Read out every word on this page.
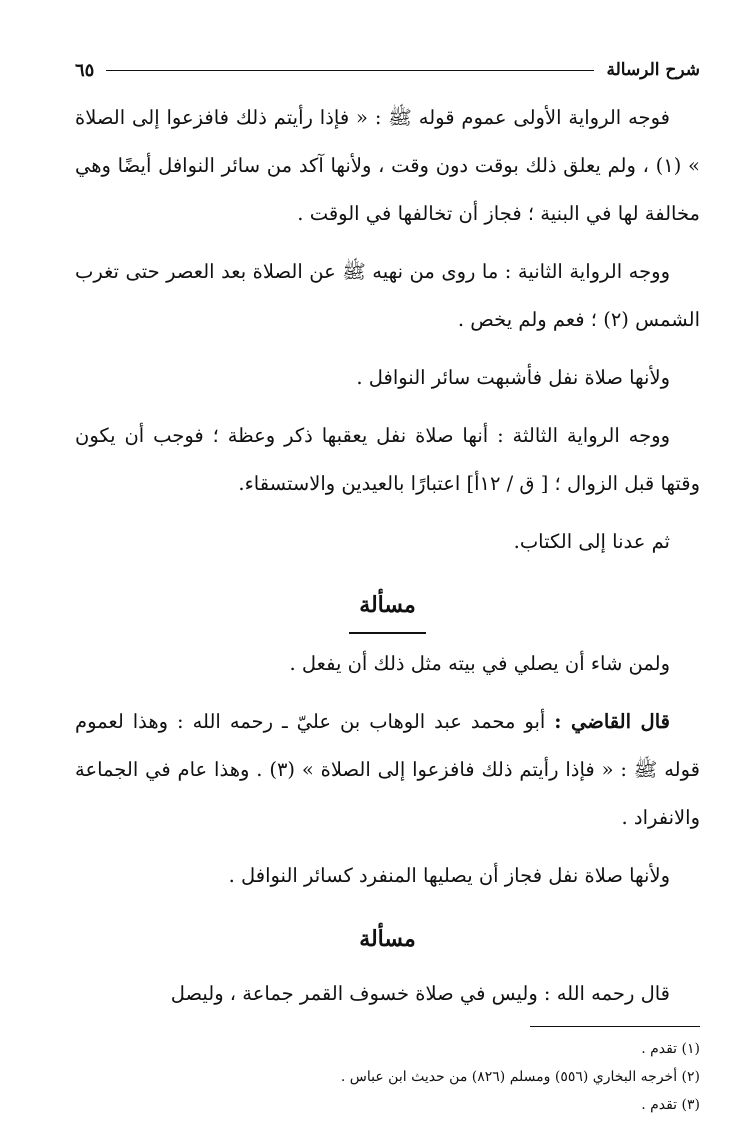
شرح الرسالة
٦٥

فوجه الرواية الأولى عموم قوله ﷺ : « فإذا رأيتم ذلك فافزعوا إلى الصلاة » (١) ، ولم يعلق ذلك بوقت دون وقت ، ولأنها آكد من سائر النوافل أيضًا وهي مخالفة لها في البنية ؛ فجاز أن تخالفها في الوقت .

ووجه الرواية الثانية : ما روى من نهيه ﷺ عن الصلاة بعد العصر حتى تغرب الشمس (٢) ؛ فعم ولم يخص .

ولأنها صلاة نفل فأشبهت سائر النوافل .

ووجه الرواية الثالثة : أنها صلاة نفل يعقبها ذكر وعظة ؛ فوجب أن يكون وقتها قبل الزوال ؛ [ ق / ١٢أ] اعتبارًا بالعيدين والاستسقاء.

ثم عدنا إلى الكتاب.

مسألة

ولمن شاء أن يصلي في بيته مثل ذلك أن يفعل .

قال القاضي : أبو محمد عبد الوهاب بن عليّ ـ رحمه الله : وهذا لعموم قوله ﷺ : « فإذا رأيتم ذلك فافزعوا إلى الصلاة » (٣) . وهذا عام في الجماعة والانفراد .

ولأنها صلاة نفل فجاز أن يصليها المنفرد كسائر النوافل .

مسألة

قال رحمه الله : وليس في صلاة خسوف القمر جماعة ، وليصل

(١) تقدم .
(٢) أخرجه البخاري (٥٥٦) ومسلم (٨٢٦) من حديث ابن عباس .
(٣) تقدم .
